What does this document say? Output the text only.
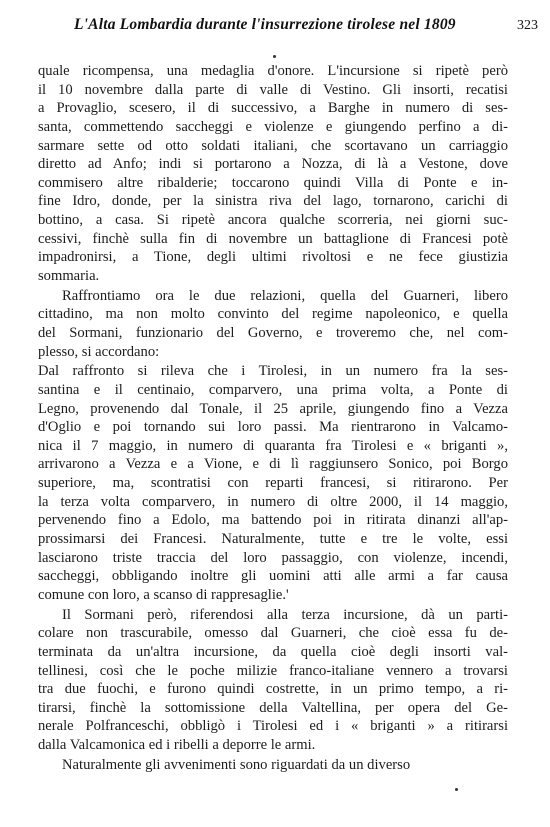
L'Alta Lombardia durante l'insurrezione tirolese nel 1809	323
quale ricompensa, una medaglia d'onore. L'incursione si ripetè però
il 10 novembre dalla parte di valle di Vestino. Gli insorti, recatisi
a Provaglio, scesero, il di successivo, a Barghe in numero di ses-
santa, commettendo saccheggi e violenze e giungendo perfino a di-
sarmare sette od otto soldati italiani, che scortavano un carriaggio
diretto ad Anfo; indi si portarono a Nozza, di là a Vestone, dove
commisero altre ribalderie; toccarono quindi Villa di Ponte e in-
fine Idro, donde, per la sinistra riva del lago, tornarono, carichi di
bottino, a casa. Si ripetè ancora qualche scorreria, nei giorni suc-
cessivi, finchè sulla fin di novembre un battaglione di Francesi potè
impadronirsi, a Tione, degli ultimi rivoltosi e ne fece giustizia
sommaria.
Raffrontiamo ora le due relazioni, quella del Guarneri, libero
cittadino, ma non molto convinto del regime napoleonico, e quella
del Sormani, funzionario del Governo, e troveremo che, nel com-
plesso, si accordano:
Dal raffronto si rileva che i Tirolesi, in un numero fra la ses-
santina e il centinaio, comparvero, una prima volta, a Ponte di
Legno, provenendo dal Tonale, il 25 aprile, giungendo fino a Vezza
d'Oglio e poi tornando sui loro passi. Ma rientrarono in Valcamo-
nica il 7 maggio, in numero di quaranta fra Tirolesi e « briganti »,
arrivarono a Vezza e a Vione, e di lì raggiunsero Sonico, poi Borgo
superiore, ma, scontratisi con reparti francesi, si ritirarono. Per
la terza volta comparvero, in numero di oltre 2000, il 14 maggio,
pervenendo fino a Edolo, ma battendo poi in ritirata dinanzi all'ap-
prossimarsi dei Francesi. Naturalmente, tutte e tre le volte, essi
lasciarono triste traccia del loro passaggio, con violenze, incendi,
saccheggi, obbligando inoltre gli uomini atti alle armi a far causa
comune con loro, a scanso di rappresaglie.'
Il Sormani però, riferendosi alla terza incursione, dà un parti-
colare non trascurabile, omesso dal Guarneri, che cioè essa fu de-
terminata da un'altra incursione, da quella cioè degli insorti val-
tellinesi, così che le poche milizie franco-italiane vennero a trovarsi
tra due fuochi, e furono quindi costrette, in un primo tempo, a ri-
tirarsi, finchè la sottomissione della Valtellina, per opera del Ge-
nerale Polfranceschi, obbligò i Tirolesi ed i « briganti » a ritirarsi
dalla Valcamonica ed i ribelli a deporre le armi.
Naturalmente gli avvenimenti sono riguardati da un diverso
